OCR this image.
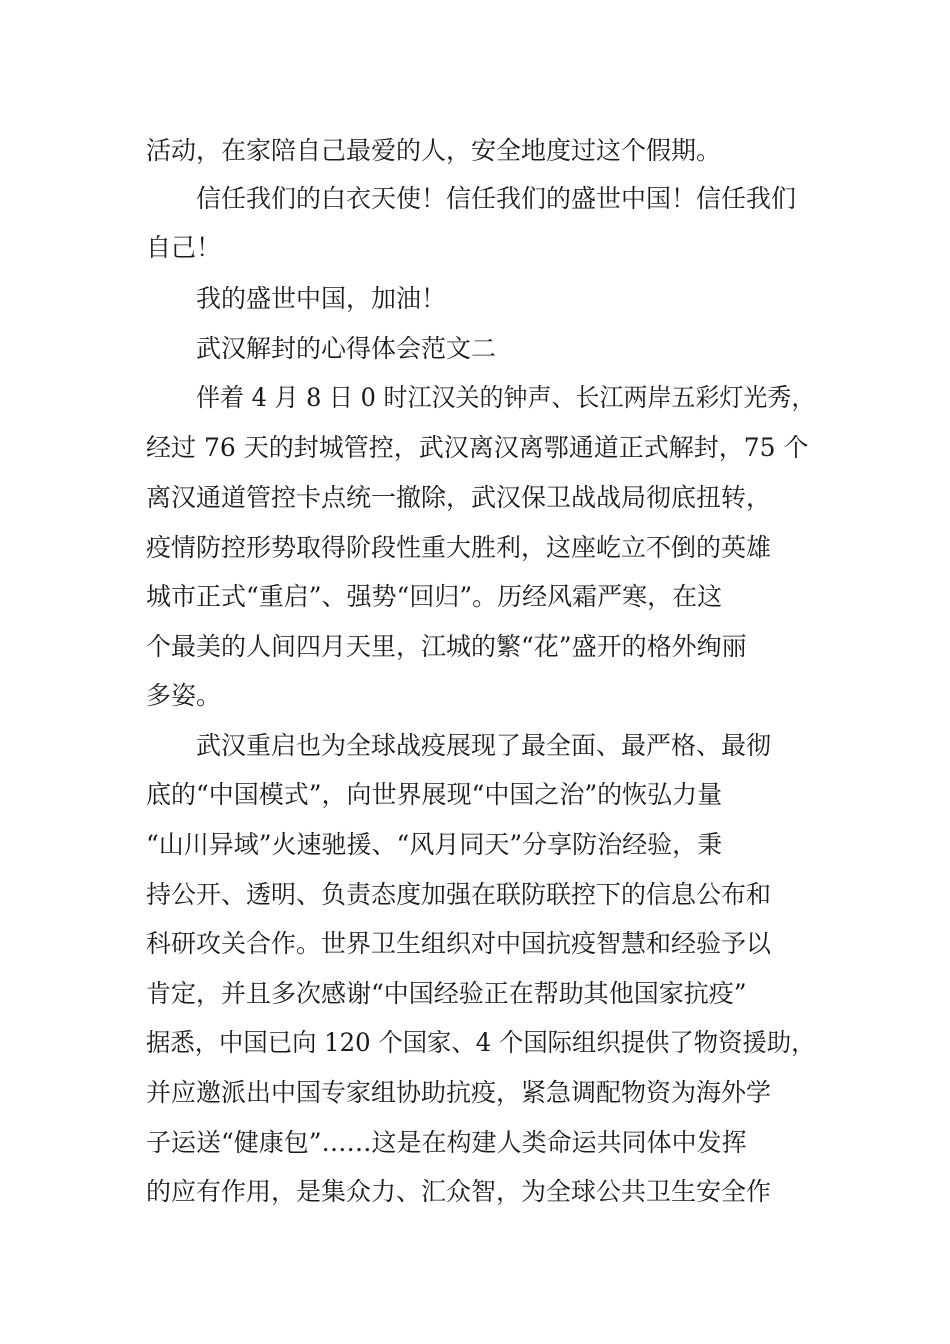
活动，在家陪自己最爱的人，安全地度过这个假期。

信任我们的白衣天使！信任我们的盛世中国！信任我们

自己！

我的盛世中国，加油！

武汉解封的心得体会范文二

伴着 4 月 8 日 0 时江汉关的钟声、长江两岸五彩灯光秀，

经过 76 天的封城管控，武汉离汉离鄂通道正式解封，75 个

离汉通道管控卡点统一撤除，武汉保卫战战局彻底扭转，

疫情防控形势取得阶段性重大胜利，这座屹立不倒的英雄

城市正式“重启”、强势“回归”。历经风霜严寒，在这

个最美的人间四月天里，江城的繁“花”盛开的格外绚丽

多姿。

武汉重启也为全球战疫展现了最全面、最严格、最彻

底的“中国模式”，向世界展现“中国之治”的恢弘力量

“山川异域”火速驰援、“风月同天”分享防治经验，秉

持公开、透明、负责态度加强在联防联控下的信息公布和

科研攻关合作。世界卫生组织对中国抗疫智慧和经验予以

肯定，并且多次感谢“中国经验正在帮助其他国家抗疫”

据悉，中国已向 120 个国家、4 个国际组织提供了物资援助，

并应邀派出中国专家组协助抗疫，紧急调配物资为海外学

子运送“健康包”……这是在构建人类命运共同体中发挥

的应有作用，是集众力、汇众智，为全球公共卫生安全作
